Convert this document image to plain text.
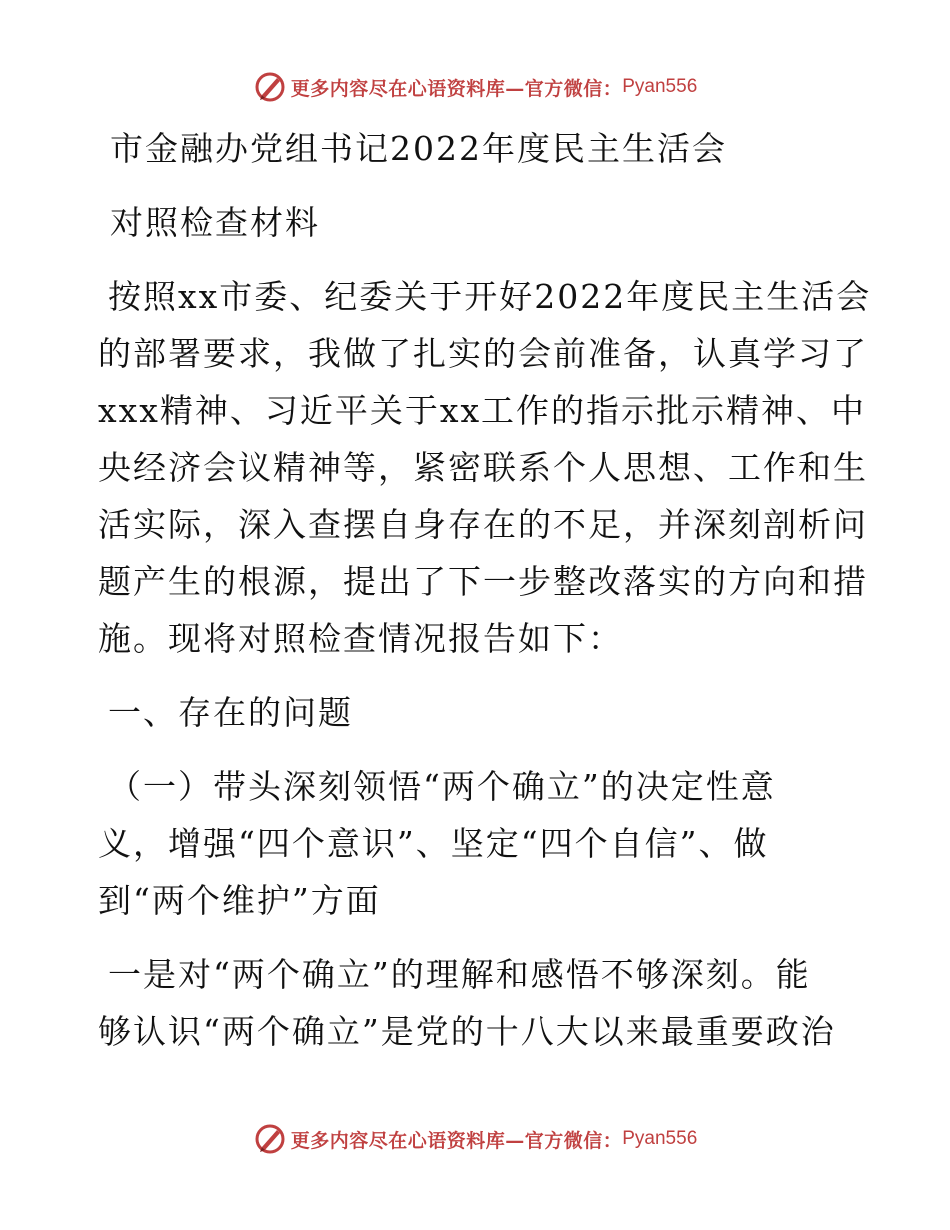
更多内容尽在心语资料库—官方微信： Pyan556
市金融办党组书记2022年度民主生活会
对照检查材料
按照xx市委、纪委关于开好2022年度民主生活会
的部署要求，我做了扎实的会前准备，认真学习了
xxx精神、习近平关于xx工作的指示批示精神、中
央经济会议精神等，紧密联系个人思想、工作和生
活实际，深入查摆自身存在的不足，并深刻剖析问
题产生的根源，提出了下一步整改落实的方向和措
施。现将对照检查情况报告如下：
一、存在的问题
（一）带头深刻领悟“两个确立”的决定性意
义，增强“四个意识”、坚定“四个自信”、做
到“两个维护”方面
一是对“两个确立”的理解和感悟不够深刻。能
够认识“两个确立”是党的十八大以来最重要政治
更多内容尽在心语资料库—官方微信： Pyan556
